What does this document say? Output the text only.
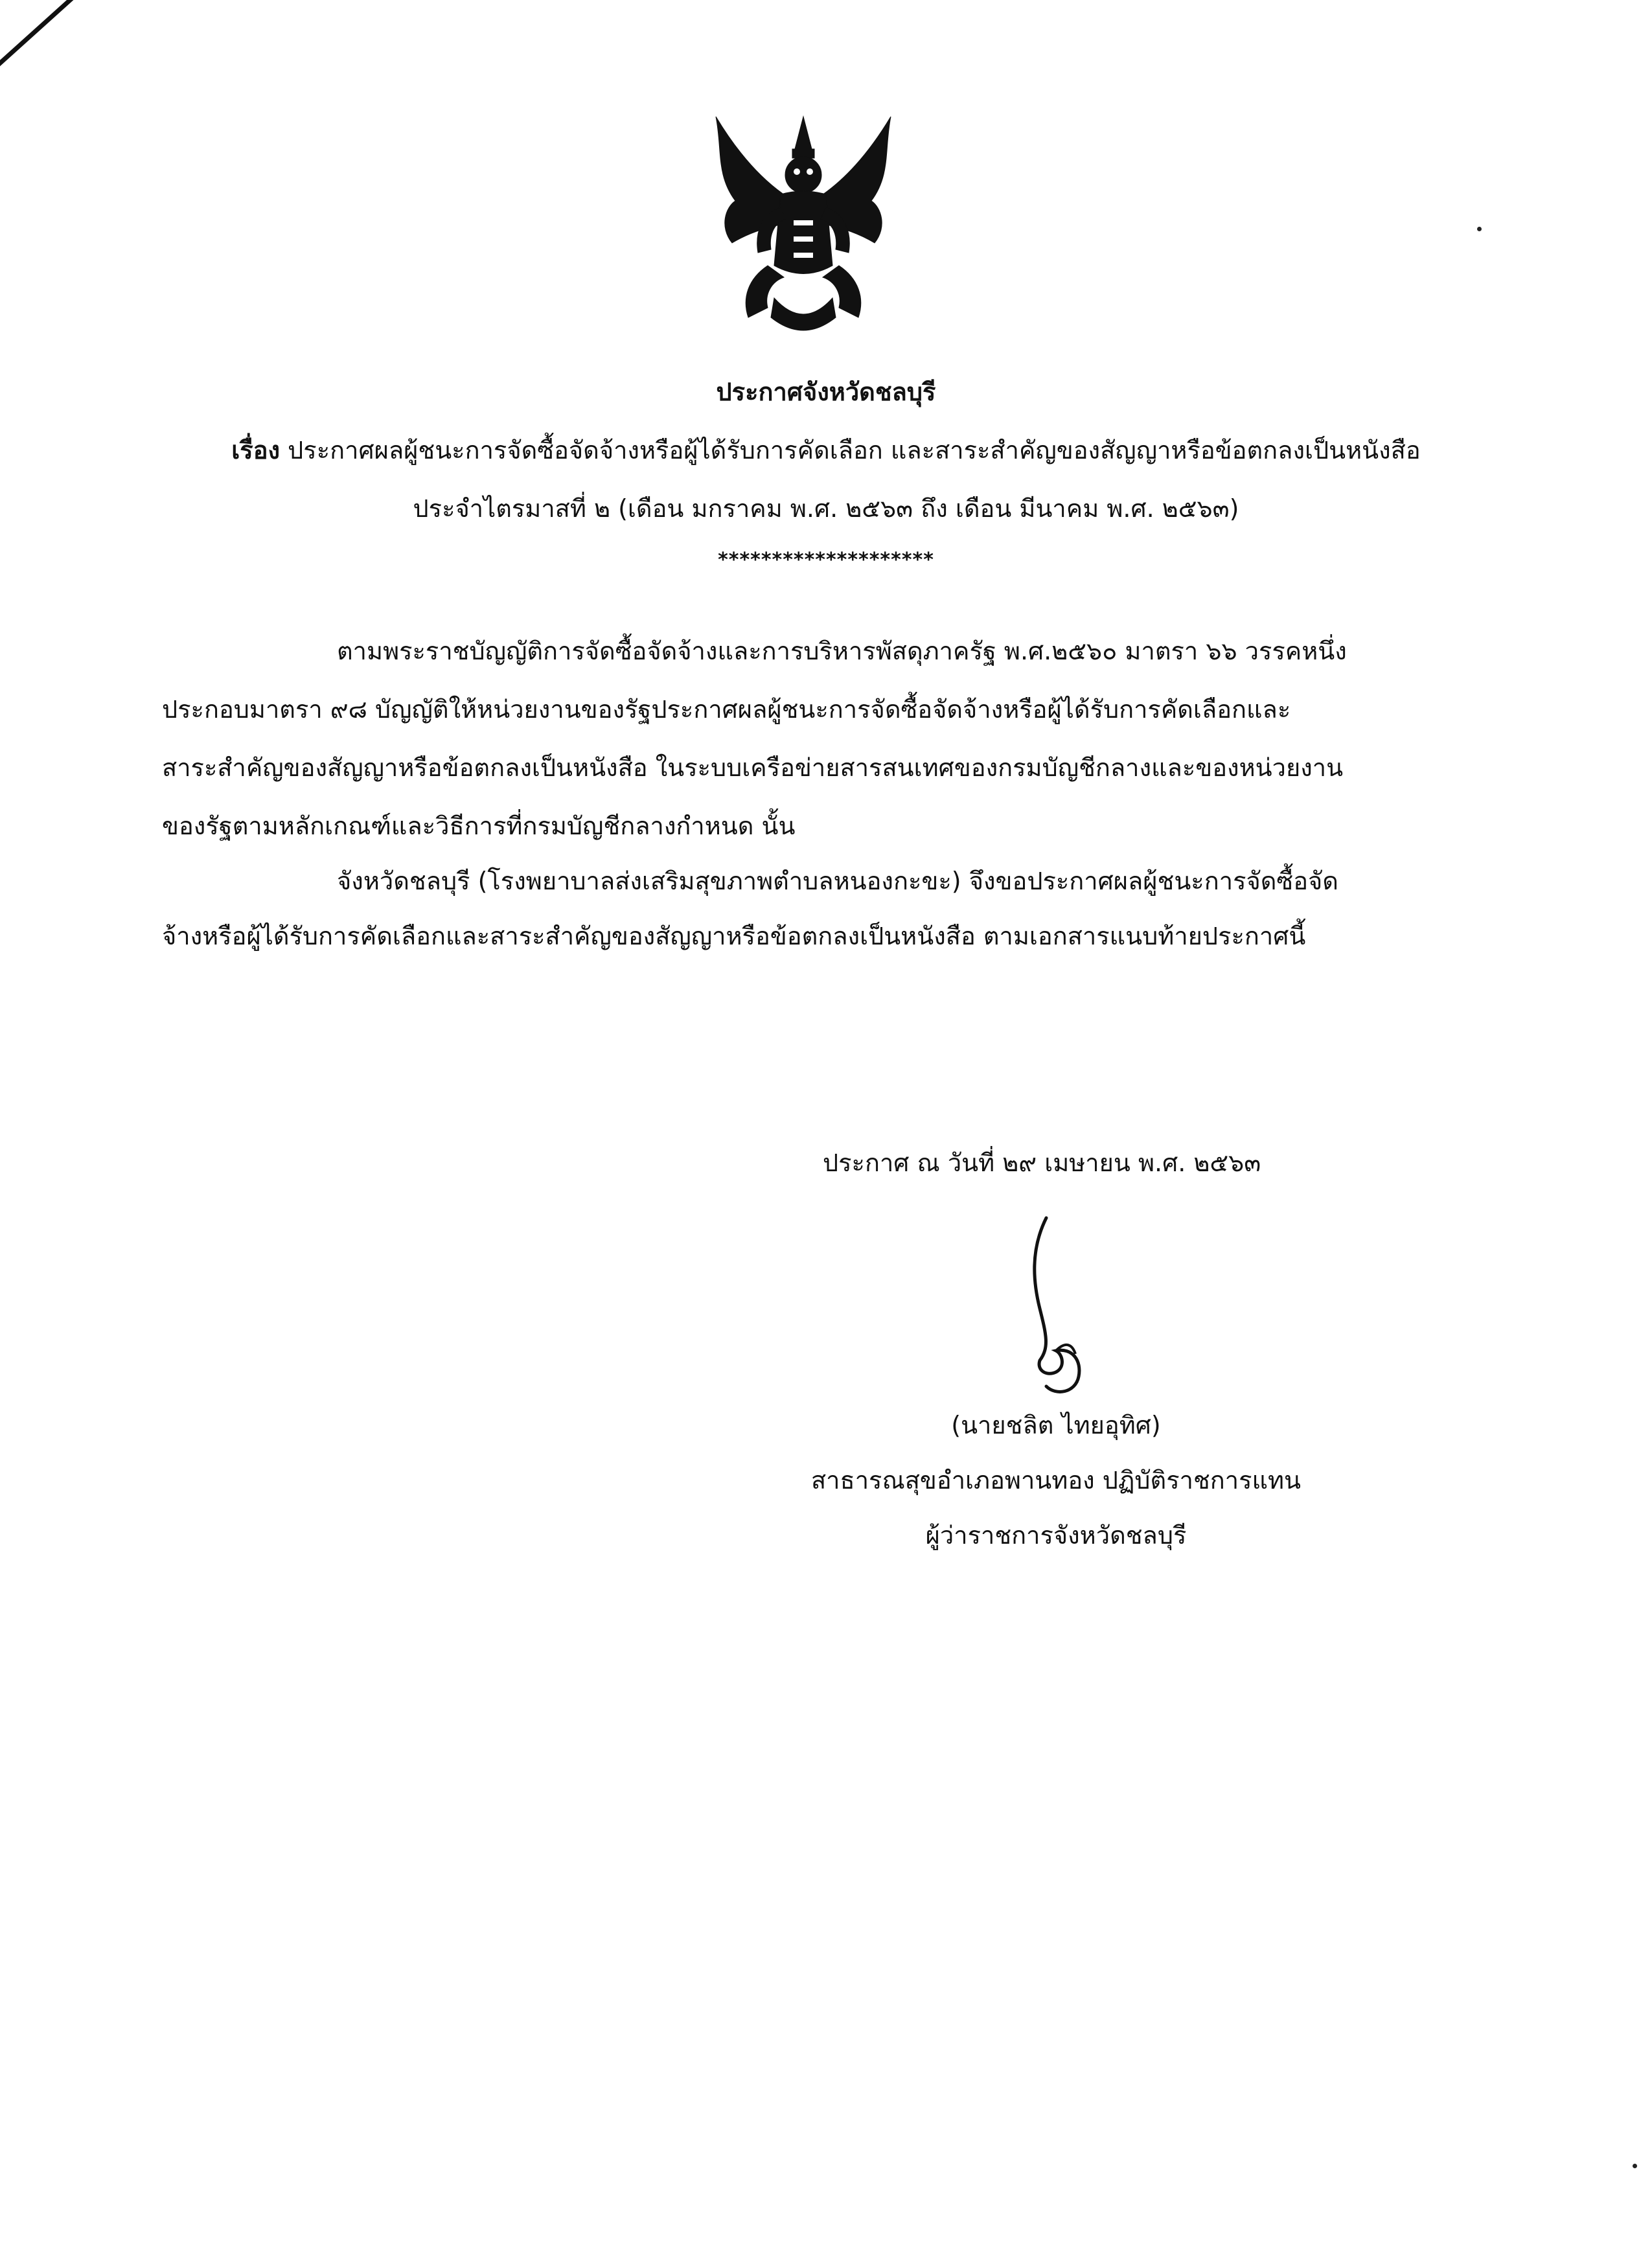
ประกาศจังหวัดชลบุรี
เรื่อง ประกาศผลผู้ชนะการจัดซื้อจัดจ้างหรือผู้ได้รับการคัดเลือก และสาระสำคัญของสัญญาหรือข้อตกลงเป็นหนังสือ
ประจำไตรมาสที่ ๒ (เดือน มกราคม พ.ศ. ๒๕๖๓ ถึง เดือน มีนาคม พ.ศ. ๒๕๖๓)
********************
ตามพระราชบัญญัติการจัดซื้อจัดจ้างและการบริหารพัสดุภาครัฐ พ.ศ.๒๕๖๐ มาตรา ๖๖ วรรคหนึ่ง
ประกอบมาตรา ๙๘ บัญญัติให้หน่วยงานของรัฐประกาศผลผู้ชนะการจัดซื้อจัดจ้างหรือผู้ได้รับการคัดเลือกและ
สาระสำคัญของสัญญาหรือข้อตกลงเป็นหนังสือ ในระบบเครือข่ายสารสนเทศของกรมบัญชีกลางและของหน่วยงาน
ของรัฐตามหลักเกณฑ์และวิธีการที่กรมบัญชีกลางกำหนด นั้น
จังหวัดชลบุรี (โรงพยาบาลส่งเสริมสุขภาพตำบลหนองกะขะ) จึงขอประกาศผลผู้ชนะการจัดซื้อจัด
จ้างหรือผู้ได้รับการคัดเลือกและสาระสำคัญของสัญญาหรือข้อตกลงเป็นหนังสือ ตามเอกสารแนบท้ายประกาศนี้
ประกาศ ณ วันที่ ๒๙ เมษายน พ.ศ. ๒๕๖๓
(นายชลิต ไทยอุทิศ)
สาธารณสุขอำเภอพานทอง ปฏิบัติราชการแทน
ผู้ว่าราชการจังหวัดชลบุรี
